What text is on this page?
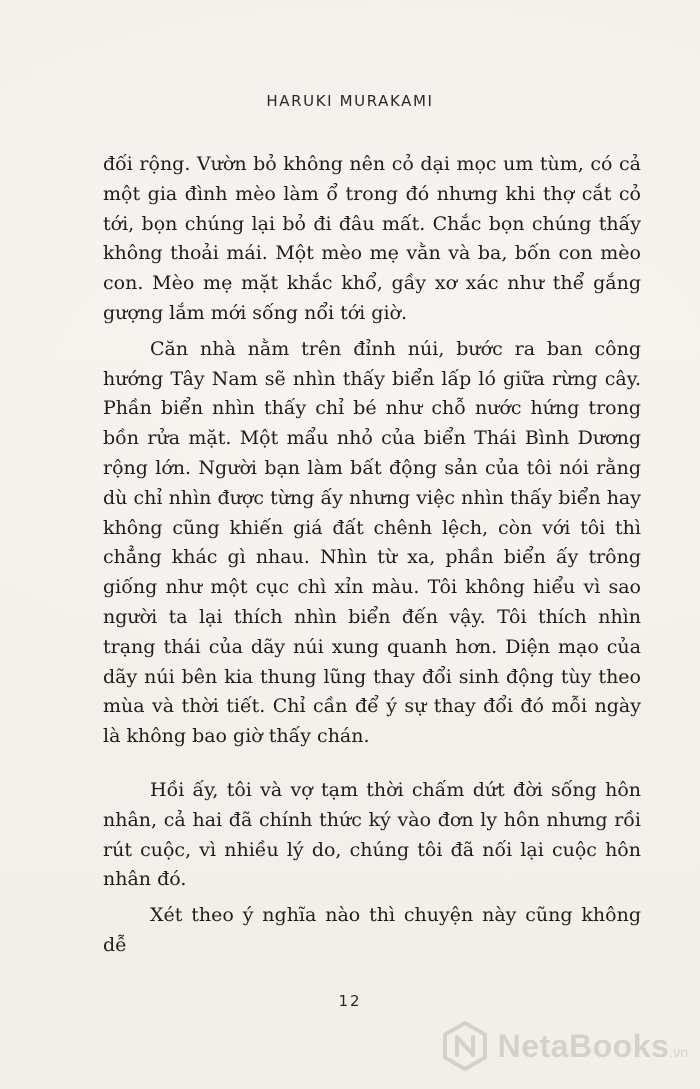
HARUKI MURAKAMI

đối rộng. Vườn bỏ không nên cỏ dại mọc um tùm, có cả một gia đình mèo làm ổ trong đó nhưng khi thợ cắt cỏ tới, bọn chúng lại bỏ đi đâu mất. Chắc bọn chúng thấy không thoải mái. Một mèo mẹ vằn và ba, bốn con mèo con. Mèo mẹ mặt khắc khổ, gầy xơ xác như thể gắng gượng lắm mới sống nổi tới giờ.

Căn nhà nằm trên đỉnh núi, bước ra ban công hướng Tây Nam sẽ nhìn thấy biển lấp ló giữa rừng cây. Phần biển nhìn thấy chỉ bé như chỗ nước hứng trong bồn rửa mặt. Một mẩu nhỏ của biển Thái Bình Dương rộng lớn. Người bạn làm bất động sản của tôi nói rằng dù chỉ nhìn được từng ấy nhưng việc nhìn thấy biển hay không cũng khiến giá đất chênh lệch, còn với tôi thì chẳng khác gì nhau. Nhìn từ xa, phần biển ấy trông giống như một cục chì xỉn màu. Tôi không hiểu vì sao người ta lại thích nhìn biển đến vậy. Tôi thích nhìn trạng thái của dãy núi xung quanh hơn. Diện mạo của dãy núi bên kia thung lũng thay đổi sinh động tùy theo mùa và thời tiết. Chỉ cần để ý sự thay đổi đó mỗi ngày là không bao giờ thấy chán.

Hồi ấy, tôi và vợ tạm thời chấm dứt đời sống hôn nhân, cả hai đã chính thức ký vào đơn ly hôn nhưng rồi rút cuộc, vì nhiều lý do, chúng tôi đã nối lại cuộc hôn nhân đó.

Xét theo ý nghĩa nào thì chuyện này cũng không dễ

12
NetaBooks.vn
